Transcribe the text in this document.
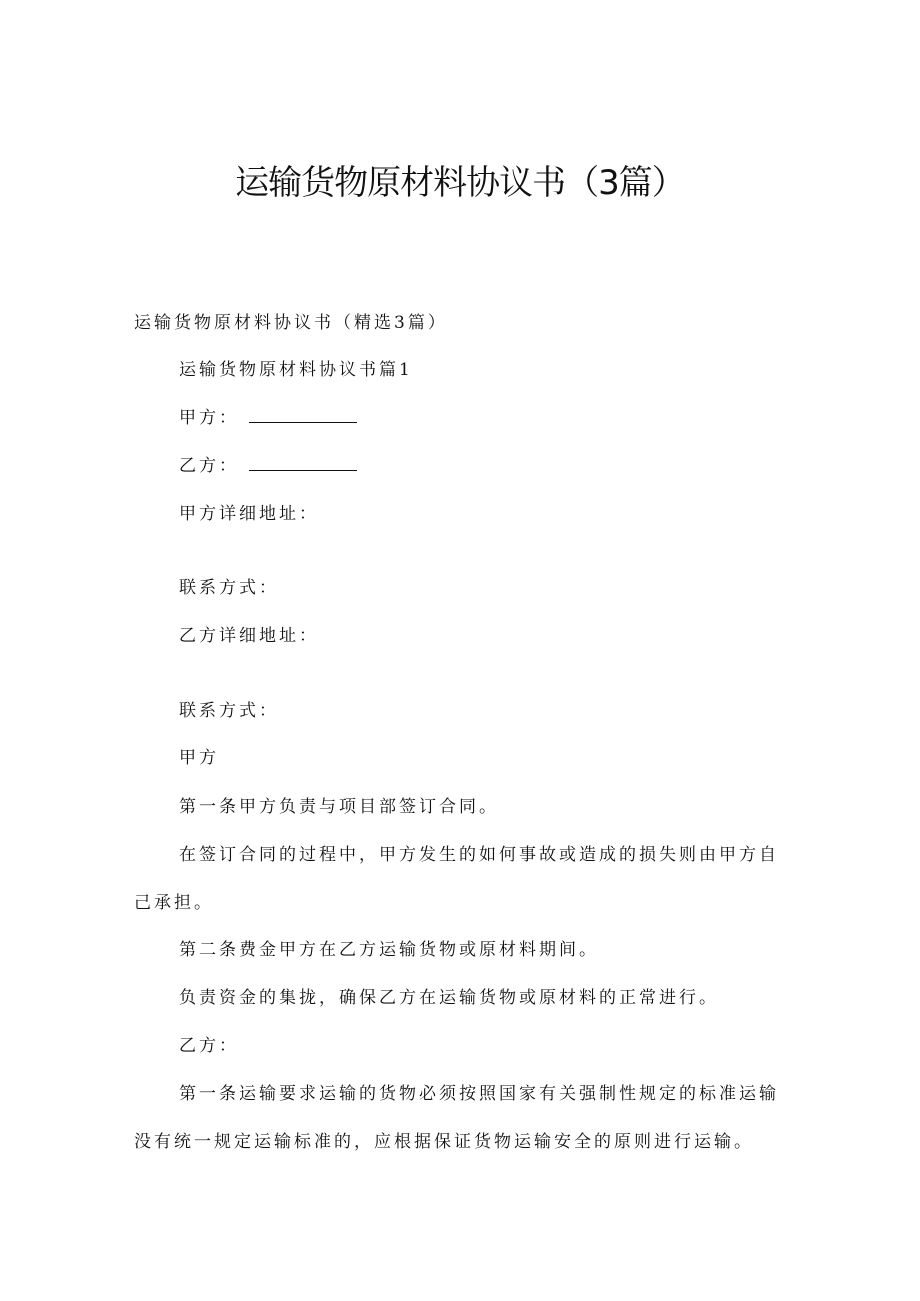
运输货物原材料协议书（3篇）
运输货物原材料协议书（精选3篇）
运输货物原材料协议书篇1
甲方：
乙方：
甲方详细地址：
联系方式：
乙方详细地址：
联系方式：
甲方
第一条甲方负责与项目部签订合同。
在签订合同的过程中，甲方发生的如何事故或造成的损失则由甲方自
己承担。
第二条费金甲方在乙方运输货物或原材料期间。
负责资金的集拢，确保乙方在运输货物或原材料的正常进行。
乙方：
第一条运输要求运输的货物必须按照国家有关强制性规定的标准运输
没有统一规定运输标准的，应根据保证货物运输安全的原则进行运输。
